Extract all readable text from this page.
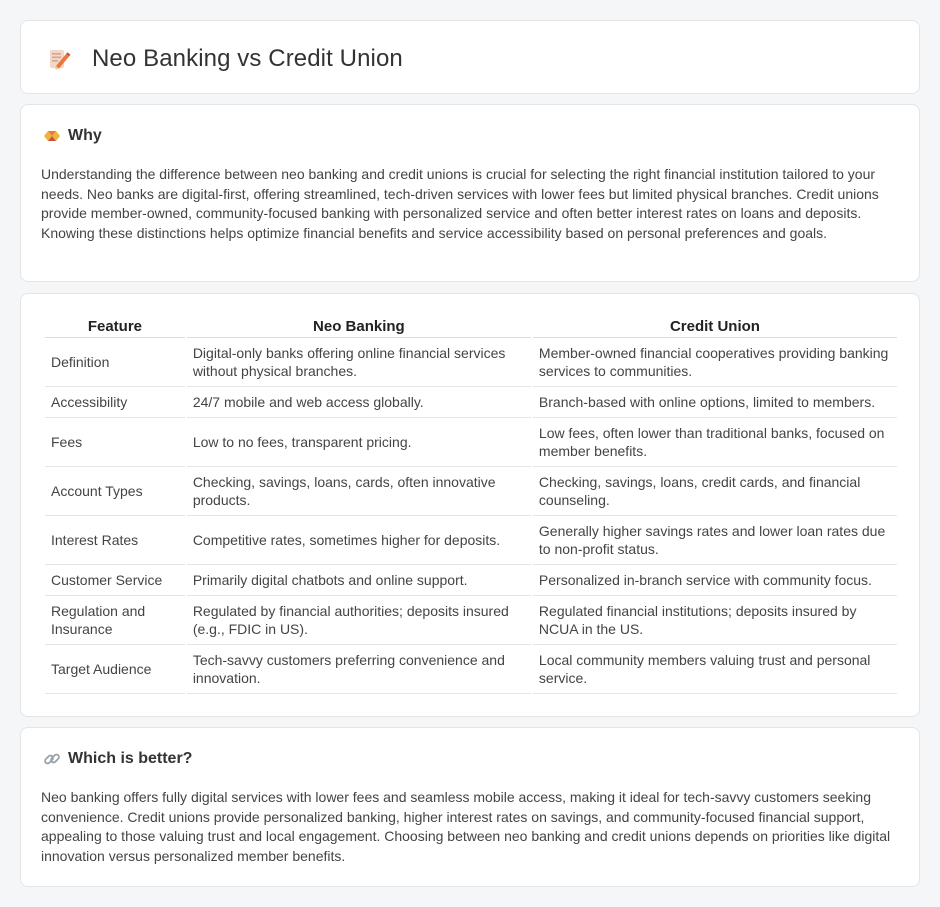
Neo Banking vs Credit Union
Why

Understanding the difference between neo banking and credit unions is crucial for selecting the right financial institution tailored to your needs. Neo banks are digital-first, offering streamlined, tech-driven services with lower fees but limited physical branches. Credit unions provide member-owned, community-focused banking with personalized service and often better interest rates on loans and deposits. Knowing these distinctions helps optimize financial benefits and service accessibility based on personal preferences and goals.

Feature	Neo Banking	Credit Union
Definition	Digital-only banks offering online financial services without physical branches.	Member-owned financial cooperatives providing banking services to communities.
Accessibility	24/7 mobile and web access globally.	Branch-based with online options, limited to members.
Fees	Low to no fees, transparent pricing.	Low fees, often lower than traditional banks, focused on member benefits.
Account Types	Checking, savings, loans, cards, often innovative products.	Checking, savings, loans, credit cards, and financial counseling.
Interest Rates	Competitive rates, sometimes higher for deposits.	Generally higher savings rates and lower loan rates due to non-profit status.
Customer Service	Primarily digital chatbots and online support.	Personalized in-branch service with community focus.
Regulation and Insurance	Regulated by financial authorities; deposits insured (e.g., FDIC in US).	Regulated financial institutions; deposits insured by NCUA in the US.
Target Audience	Tech-savvy customers preferring convenience and innovation.	Local community members valuing trust and personal service.
Which is better?

Neo banking offers fully digital services with lower fees and seamless mobile access, making it ideal for tech-savvy customers seeking convenience. Credit unions provide personalized banking, higher interest rates on savings, and community-focused financial support, appealing to those valuing trust and local engagement. Choosing between neo banking and credit unions depends on priorities like digital innovation versus personalized member benefits.
